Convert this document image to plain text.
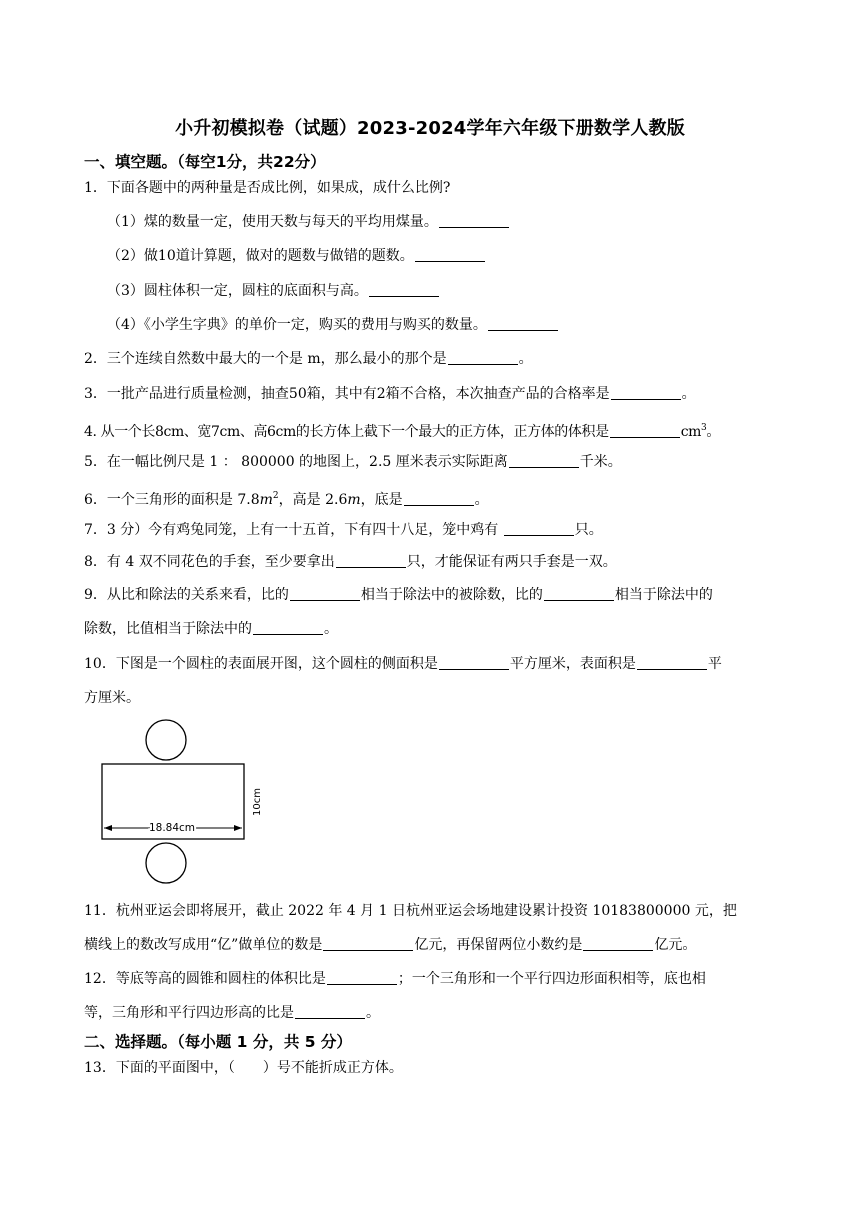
小升初模拟卷（试题）2023-2024学年六年级下册数学人教版
一、填空题。（每空1分，共22分）
1．下面各题中的两种量是否成比例，如果成，成什么比例?
（1）煤的数量一定，使用天数与每天的平均用煤量。
（2）做10道计算题，做对的题数与做错的题数。
（3）圆柱体积一定，圆柱的底面积与高。
（4）《小学生字典》的单价一定，购买的费用与购买的数量。
2．三个连续自然数中最大的一个是 m，那么最小的那个是	。
3．一批产品进行质量检测，抽查50箱，其中有2箱不合格，本次抽查产品的合格率是	。
4. 从一个长8cm、宽7cm、高6cm的长方体上截下一个最大的正方体，正方体的体积是	$cm^3$。
5．在一幅比例尺是 1 ： 800000 的地图上，2.5 厘米表示实际距离	千米。
6．一个三角形的面积是 $7.8m^2$，高是 2.6m，底是	。
7．3 分）今有鸡兔同笼，上有一十五首，下有四十八足，笼中鸡有	只。
8．有 4 双不同花色的手套，至少要拿出	只，才能保证有两只手套是一双。
9．从比和除法的关系来看，比的	相当于除法中的被除数，比的	相当于除法中的
除数，比值相当于除法中的	。
10．下图是一个圆柱的表面展开图，这个圆柱的侧面积是	平方厘米，表面积是	平
方厘米。
18.84cm
10cm
11．杭州亚运会即将展开，截止 2022 年 4 月 1 日杭州亚运会场地建设累计投资 10183800000 元，把
横线上的数改写成用“亿”做单位的数是	亿元，再保留两位小数约是	亿元。
12．等底等高的圆锥和圆柱的体积比是	；一个三角形和一个平行四边形面积相等，底也相
等，三角形和平行四边形高的比是	。
二、选择题。（每小题 1 分，共 5 分）
13．下面的平面图中，（ ）号不能折成正方体。
